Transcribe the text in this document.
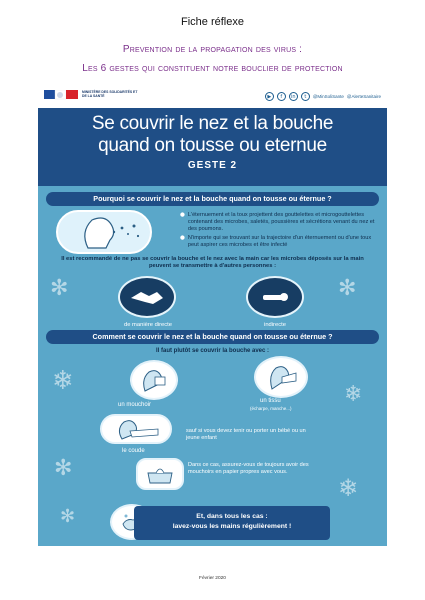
Fiche réflexe
Prevention de la propagation des virus :
Les 6 gestes qui constituent notre bouclier de protection
MINISTÈRE DES SOLIDARITÉS ET DE LA SANTÉ	▶	f	in	t	@MinSoliSante @AlerteSanitaire
Se couvrir le nez et la bouche
quand on tousse ou eternue
GESTE 2
Pourquoi se couvrir le nez et la bouche quand on tousse ou éternue ?
● L'éternuement et la toux projettent des gouttelettes et microgouttelettes contenant des microbes, saletés, poussières et sécrétions venant du nez et des poumons.
● N'importe qui se trouvant sur la trajectoire d'un éternuement ou d'une toux peut aspirer ces microbes et être infecté
Il est recommandé de ne pas se couvrir la bouche et le nez avec la main car les microbes déposés sur la main peuvent se transmettre à d'autres personnes :
de manière directe	indirecte
Comment se couvrir le nez et la bouche quand on tousse ou éternue ?
Il faut plutôt se couvrir la bouche avec :
un mouchoir
un tissu
(écharpe, manche...)
le coude
sauf si vous devez tenir ou porter un bébé ou un jeune enfant
Dans ce cas, assurez-vous de toujours avoir des mouchoirs en papier propres avec vous.
Et, dans tous les cas :
lavez-vous les mains régulièrement !
✻	✻
❄	❄
✻
❄
✻
Février 2020
